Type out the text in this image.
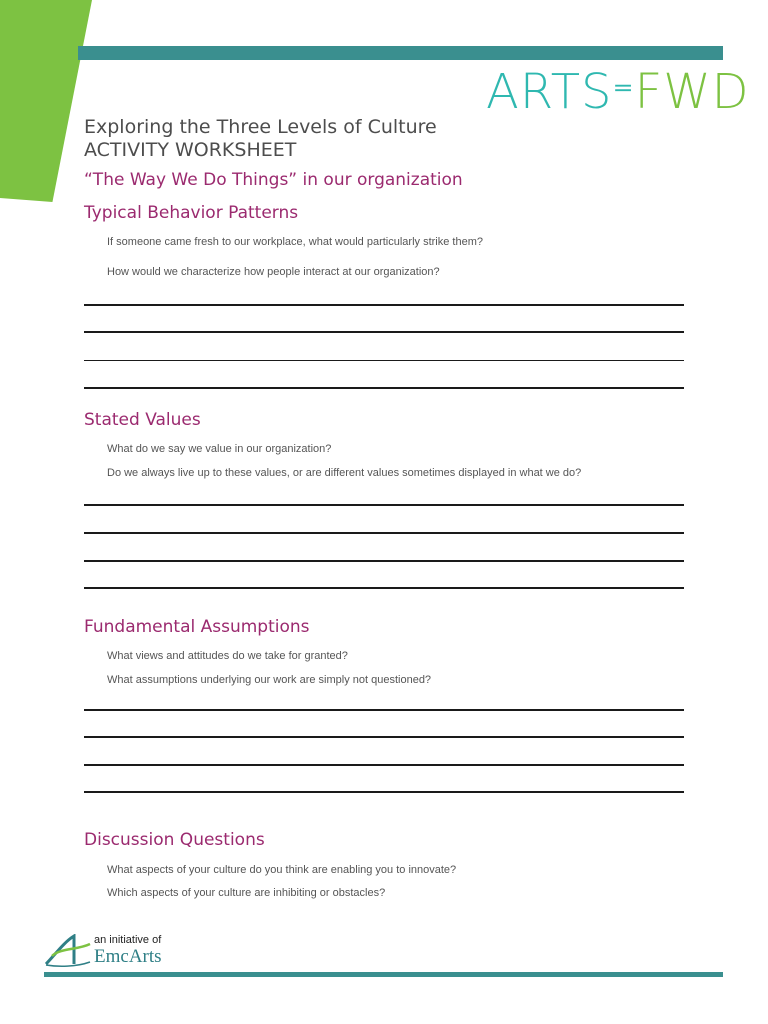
ARTS⁼FWD
Exploring the Three Levels of Culture
ACTIVITY WORKSHEET
“The Way We Do Things” in our organization
Typical Behavior Patterns
If someone came fresh to our workplace, what would particularly strike them?
How would we characterize how people interact at our organization?
Stated Values
What do we say we value in our organization?
Do we always live up to these values, or are different values sometimes displayed in what we do?
Fundamental Assumptions
What views and attitudes do we take for granted?
What assumptions underlying our work are simply not questioned?
Discussion Questions
What aspects of your culture do you think are enabling you to innovate?
Which aspects of your culture are inhibiting or obstacles?
an initiative of
EmcArts
